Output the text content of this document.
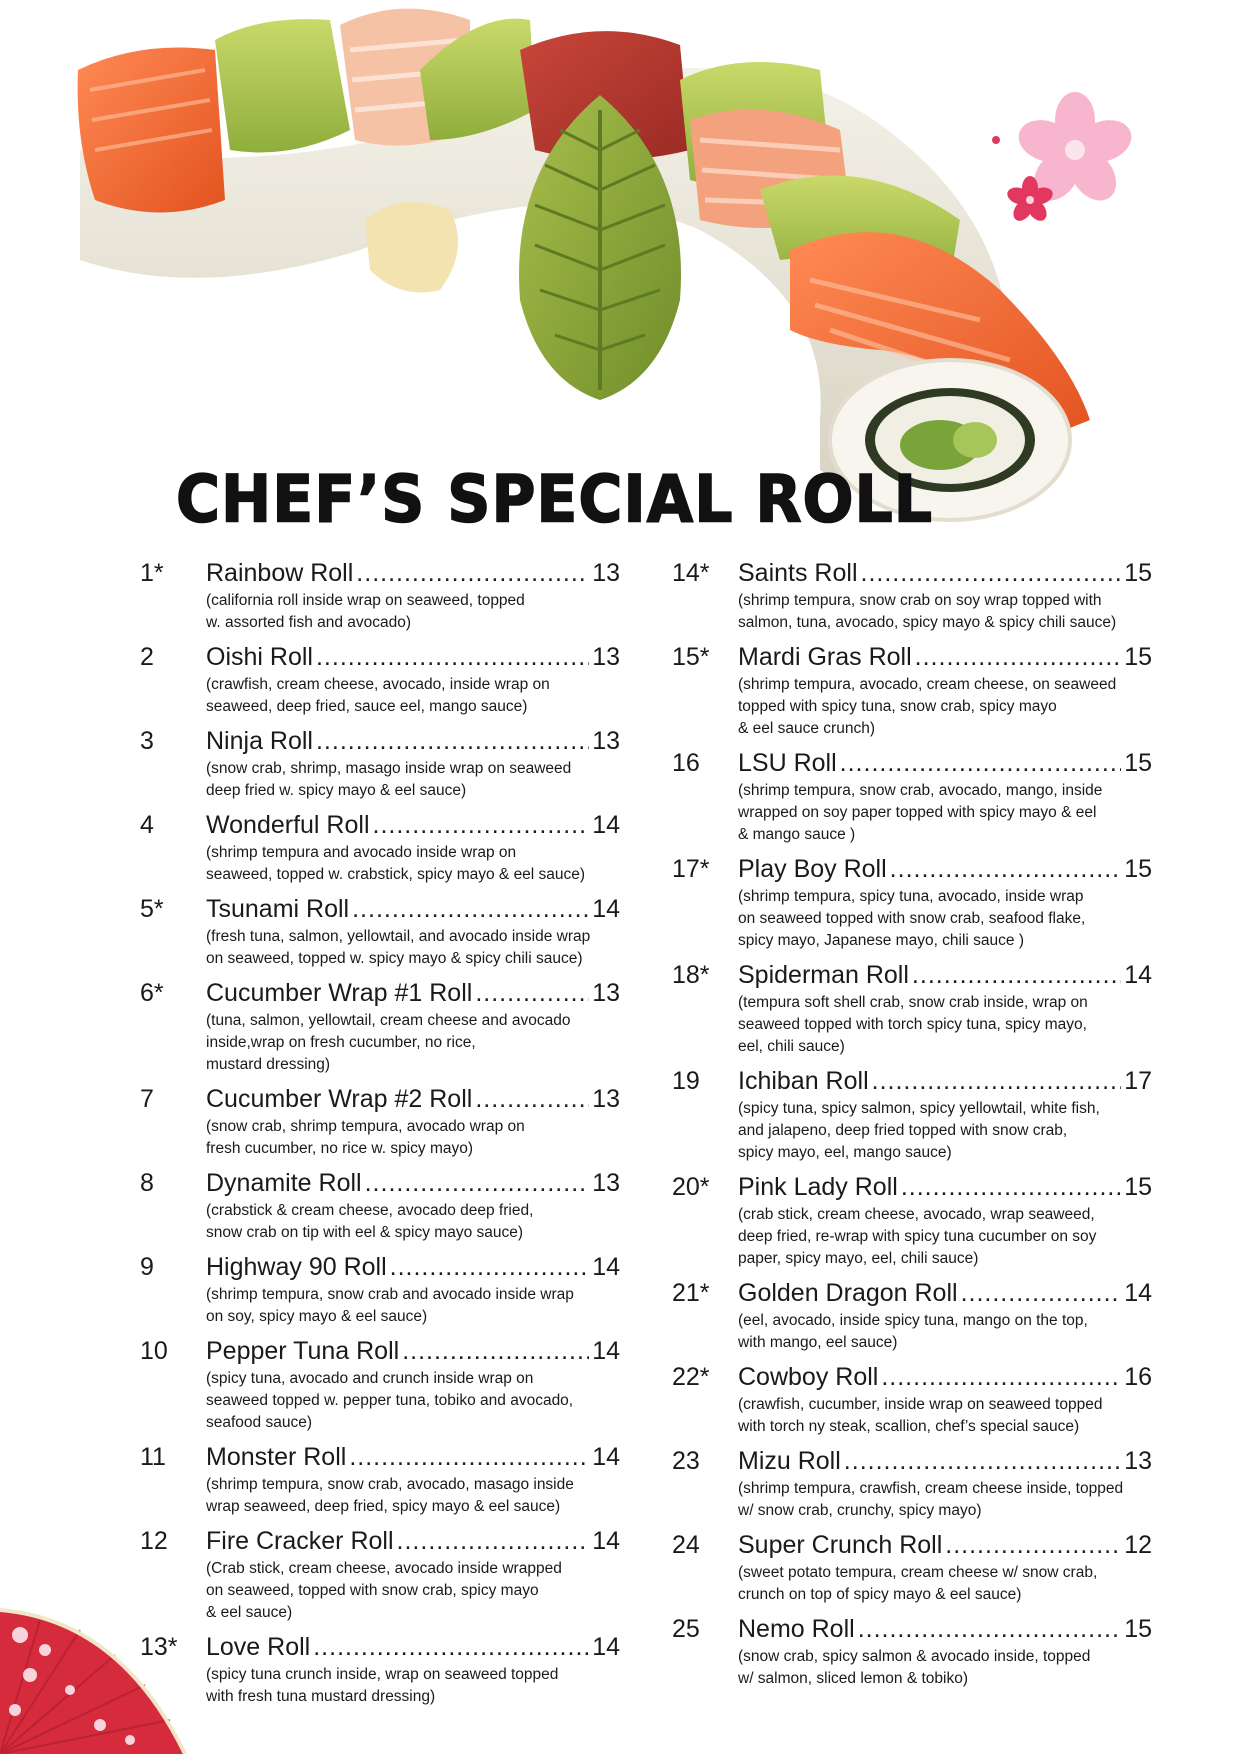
CHEF’S SPECIAL ROLL
1*	Rainbow Roll .....	13
(california roll inside wrap on seaweed, topped
w. assorted fish and avocado)
2	Oishi Roll .....	13
(crawfish, cream cheese, avocado, inside wrap on
seaweed, deep fried, sauce eel, mango sauce)
3	Ninja Roll .....	13
(snow crab, shrimp, masago inside wrap on seaweed
deep fried w. spicy mayo & eel sauce)
4	Wonderful Roll .....	14
(shrimp tempura and avocado inside wrap on
seaweed, topped w. crabstick, spicy mayo & eel sauce)
5*	Tsunami Roll .....	14
(fresh tuna, salmon, yellowtail, and avocado inside wrap
on seaweed, topped w. spicy mayo & spicy chili sauce)
6*	Cucumber Wrap #1 Roll .....	13
(tuna, salmon, yellowtail, cream cheese and avocado
inside,wrap on fresh cucumber, no rice,
mustard dressing)
7	Cucumber Wrap #2 Roll .....	13
(snow crab, shrimp tempura, avocado wrap on
fresh cucumber, no rice w. spicy mayo)
8	Dynamite Roll .....	13
(crabstick & cream cheese, avocado deep fried,
snow crab on tip with eel & spicy mayo sauce)
9	Highway 90 Roll .....	14
(shrimp tempura, snow crab and avocado inside wrap
on soy, spicy mayo & eel sauce)
10	Pepper Tuna Roll .....	14
(spicy tuna, avocado and crunch inside wrap on
seaweed topped w. pepper tuna, tobiko and avocado,
seafood sauce)
11	Monster Roll .....	14
(shrimp tempura, snow crab, avocado, masago inside
wrap seaweed, deep fried, spicy mayo & eel sauce)
12	Fire Cracker Roll .....	14
(Crab stick, cream cheese, avocado inside wrapped
on seaweed, topped with snow crab, spicy mayo
& eel sauce)
13*	Love Roll .....	14
(spicy tuna crunch inside, wrap on seaweed topped
with fresh tuna mustard dressing)
14*	Saints Roll .....	15
(shrimp tempura, snow crab on soy wrap topped with
salmon, tuna, avocado, spicy mayo & spicy chili sauce)
15*	Mardi Gras Roll .....	15
(shrimp tempura, avocado, cream cheese, on seaweed
topped with spicy tuna, snow crab, spicy mayo
& eel sauce crunch)
16	LSU Roll .....	15
(shrimp tempura, snow crab, avocado, mango, inside
wrapped on soy paper topped with spicy mayo & eel
& mango sauce )
17*	Play Boy Roll .....	15
(shrimp tempura, spicy tuna, avocado, inside wrap
on seaweed topped with snow crab, seafood flake,
spicy mayo, Japanese mayo, chili sauce )
18*	Spiderman Roll .....	14
(tempura soft shell crab, snow crab inside, wrap on
seaweed topped with torch spicy tuna, spicy mayo,
eel, chili sauce)
19	Ichiban Roll .....	17
(spicy tuna, spicy salmon, spicy yellowtail, white fish,
and jalapeno, deep fried topped with snow crab,
spicy mayo, eel, mango sauce)
20*	Pink Lady Roll .....	15
(crab stick, cream cheese, avocado, wrap seaweed,
deep fried, re-wrap with spicy tuna cucumber on soy
paper, spicy mayo, eel, chili sauce)
21*	Golden Dragon Roll .....	14
(eel, avocado, inside spicy tuna, mango on the top,
with mango, eel sauce)
22*	Cowboy Roll .....	16
(crawfish, cucumber, inside wrap on seaweed topped
with torch ny steak, scallion, chef’s special sauce)
23	Mizu Roll .....	13
(shrimp tempura, crawfish, cream cheese inside, topped
w/ snow crab, crunchy, spicy mayo)
24	Super Crunch Roll .....	12
(sweet potato tempura, cream cheese w/ snow crab,
crunch on top of spicy mayo & eel sauce)
25	Nemo Roll .....	15
(snow crab, spicy salmon & avocado inside, topped
w/ salmon, sliced lemon & tobiko)
